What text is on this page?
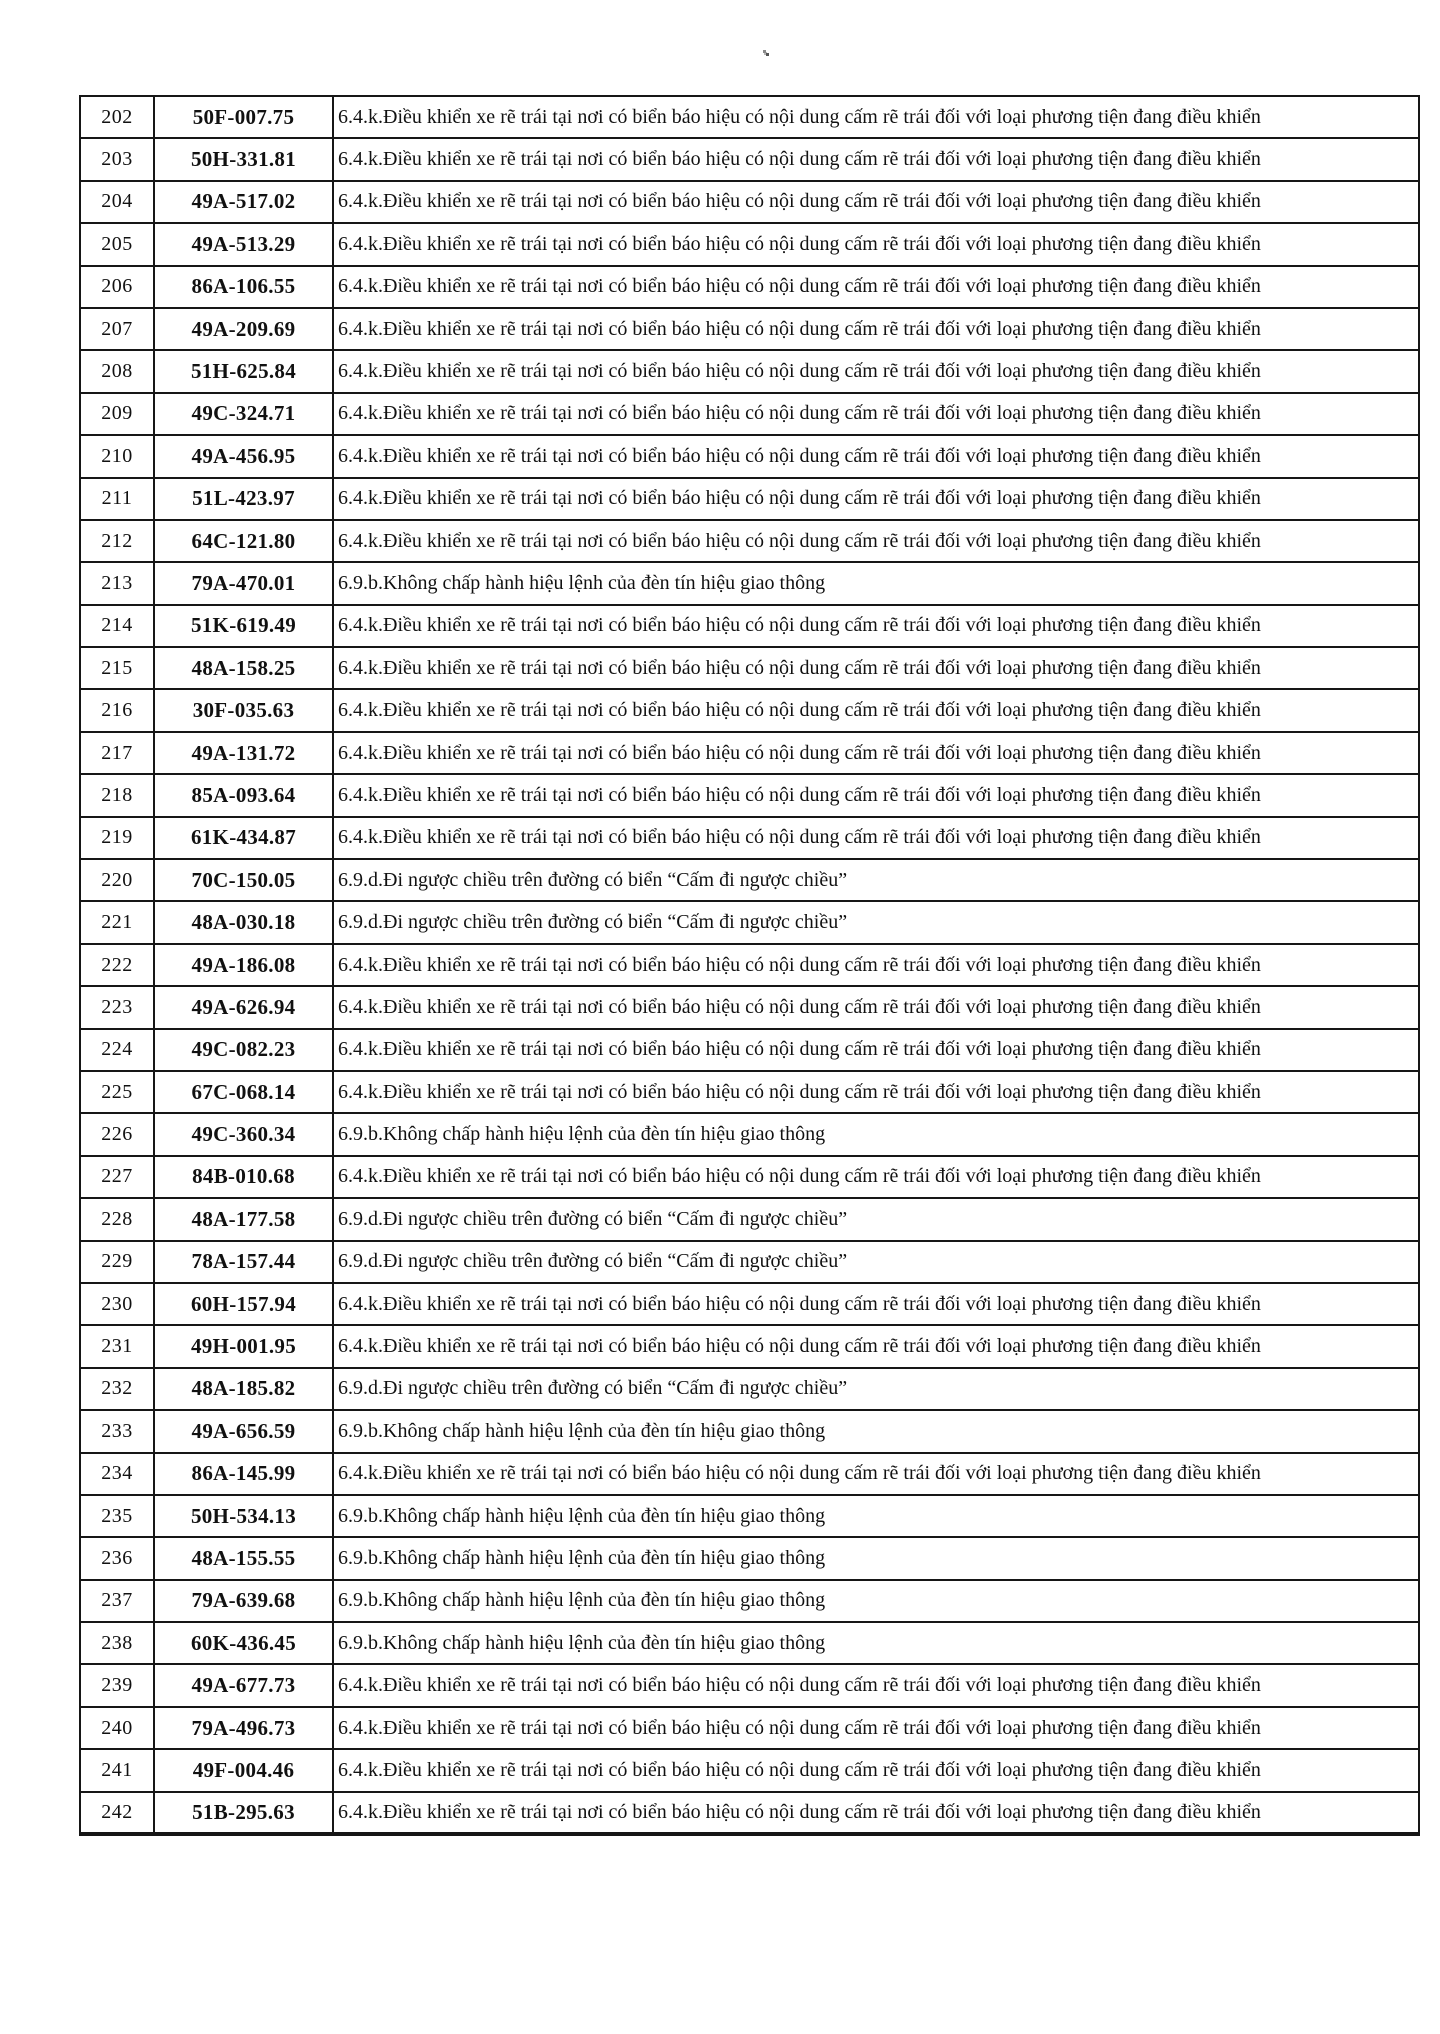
202	50F-007.75	6.4.k.Điều khiển xe rẽ trái tại nơi có biển báo hiệu có nội dung cấm rẽ trái đối với loại phương tiện đang điều khiển
203	50H-331.81	6.4.k.Điều khiển xe rẽ trái tại nơi có biển báo hiệu có nội dung cấm rẽ trái đối với loại phương tiện đang điều khiển
204	49A-517.02	6.4.k.Điều khiển xe rẽ trái tại nơi có biển báo hiệu có nội dung cấm rẽ trái đối với loại phương tiện đang điều khiển
205	49A-513.29	6.4.k.Điều khiển xe rẽ trái tại nơi có biển báo hiệu có nội dung cấm rẽ trái đối với loại phương tiện đang điều khiển
206	86A-106.55	6.4.k.Điều khiển xe rẽ trái tại nơi có biển báo hiệu có nội dung cấm rẽ trái đối với loại phương tiện đang điều khiển
207	49A-209.69	6.4.k.Điều khiển xe rẽ trái tại nơi có biển báo hiệu có nội dung cấm rẽ trái đối với loại phương tiện đang điều khiển
208	51H-625.84	6.4.k.Điều khiển xe rẽ trái tại nơi có biển báo hiệu có nội dung cấm rẽ trái đối với loại phương tiện đang điều khiển
209	49C-324.71	6.4.k.Điều khiển xe rẽ trái tại nơi có biển báo hiệu có nội dung cấm rẽ trái đối với loại phương tiện đang điều khiển
210	49A-456.95	6.4.k.Điều khiển xe rẽ trái tại nơi có biển báo hiệu có nội dung cấm rẽ trái đối với loại phương tiện đang điều khiển
211	51L-423.97	6.4.k.Điều khiển xe rẽ trái tại nơi có biển báo hiệu có nội dung cấm rẽ trái đối với loại phương tiện đang điều khiển
212	64C-121.80	6.4.k.Điều khiển xe rẽ trái tại nơi có biển báo hiệu có nội dung cấm rẽ trái đối với loại phương tiện đang điều khiển
213	79A-470.01	6.9.b.Không chấp hành hiệu lệnh của đèn tín hiệu giao thông
214	51K-619.49	6.4.k.Điều khiển xe rẽ trái tại nơi có biển báo hiệu có nội dung cấm rẽ trái đối với loại phương tiện đang điều khiển
215	48A-158.25	6.4.k.Điều khiển xe rẽ trái tại nơi có biển báo hiệu có nội dung cấm rẽ trái đối với loại phương tiện đang điều khiển
216	30F-035.63	6.4.k.Điều khiển xe rẽ trái tại nơi có biển báo hiệu có nội dung cấm rẽ trái đối với loại phương tiện đang điều khiển
217	49A-131.72	6.4.k.Điều khiển xe rẽ trái tại nơi có biển báo hiệu có nội dung cấm rẽ trái đối với loại phương tiện đang điều khiển
218	85A-093.64	6.4.k.Điều khiển xe rẽ trái tại nơi có biển báo hiệu có nội dung cấm rẽ trái đối với loại phương tiện đang điều khiển
219	61K-434.87	6.4.k.Điều khiển xe rẽ trái tại nơi có biển báo hiệu có nội dung cấm rẽ trái đối với loại phương tiện đang điều khiển
220	70C-150.05	6.9.d.Đi ngược chiều trên đường có biển “Cấm đi ngược chiều”
221	48A-030.18	6.9.d.Đi ngược chiều trên đường có biển “Cấm đi ngược chiều”
222	49A-186.08	6.4.k.Điều khiển xe rẽ trái tại nơi có biển báo hiệu có nội dung cấm rẽ trái đối với loại phương tiện đang điều khiển
223	49A-626.94	6.4.k.Điều khiển xe rẽ trái tại nơi có biển báo hiệu có nội dung cấm rẽ trái đối với loại phương tiện đang điều khiển
224	49C-082.23	6.4.k.Điều khiển xe rẽ trái tại nơi có biển báo hiệu có nội dung cấm rẽ trái đối với loại phương tiện đang điều khiển
225	67C-068.14	6.4.k.Điều khiển xe rẽ trái tại nơi có biển báo hiệu có nội dung cấm rẽ trái đối với loại phương tiện đang điều khiển
226	49C-360.34	6.9.b.Không chấp hành hiệu lệnh của đèn tín hiệu giao thông
227	84B-010.68	6.4.k.Điều khiển xe rẽ trái tại nơi có biển báo hiệu có nội dung cấm rẽ trái đối với loại phương tiện đang điều khiển
228	48A-177.58	6.9.d.Đi ngược chiều trên đường có biển “Cấm đi ngược chiều”
229	78A-157.44	6.9.d.Đi ngược chiều trên đường có biển “Cấm đi ngược chiều”
230	60H-157.94	6.4.k.Điều khiển xe rẽ trái tại nơi có biển báo hiệu có nội dung cấm rẽ trái đối với loại phương tiện đang điều khiển
231	49H-001.95	6.4.k.Điều khiển xe rẽ trái tại nơi có biển báo hiệu có nội dung cấm rẽ trái đối với loại phương tiện đang điều khiển
232	48A-185.82	6.9.d.Đi ngược chiều trên đường có biển “Cấm đi ngược chiều”
233	49A-656.59	6.9.b.Không chấp hành hiệu lệnh của đèn tín hiệu giao thông
234	86A-145.99	6.4.k.Điều khiển xe rẽ trái tại nơi có biển báo hiệu có nội dung cấm rẽ trái đối với loại phương tiện đang điều khiển
235	50H-534.13	6.9.b.Không chấp hành hiệu lệnh của đèn tín hiệu giao thông
236	48A-155.55	6.9.b.Không chấp hành hiệu lệnh của đèn tín hiệu giao thông
237	79A-639.68	6.9.b.Không chấp hành hiệu lệnh của đèn tín hiệu giao thông
238	60K-436.45	6.9.b.Không chấp hành hiệu lệnh của đèn tín hiệu giao thông
239	49A-677.73	6.4.k.Điều khiển xe rẽ trái tại nơi có biển báo hiệu có nội dung cấm rẽ trái đối với loại phương tiện đang điều khiển
240	79A-496.73	6.4.k.Điều khiển xe rẽ trái tại nơi có biển báo hiệu có nội dung cấm rẽ trái đối với loại phương tiện đang điều khiển
241	49F-004.46	6.4.k.Điều khiển xe rẽ trái tại nơi có biển báo hiệu có nội dung cấm rẽ trái đối với loại phương tiện đang điều khiển
242	51B-295.63	6.4.k.Điều khiển xe rẽ trái tại nơi có biển báo hiệu có nội dung cấm rẽ trái đối với loại phương tiện đang điều khiển
